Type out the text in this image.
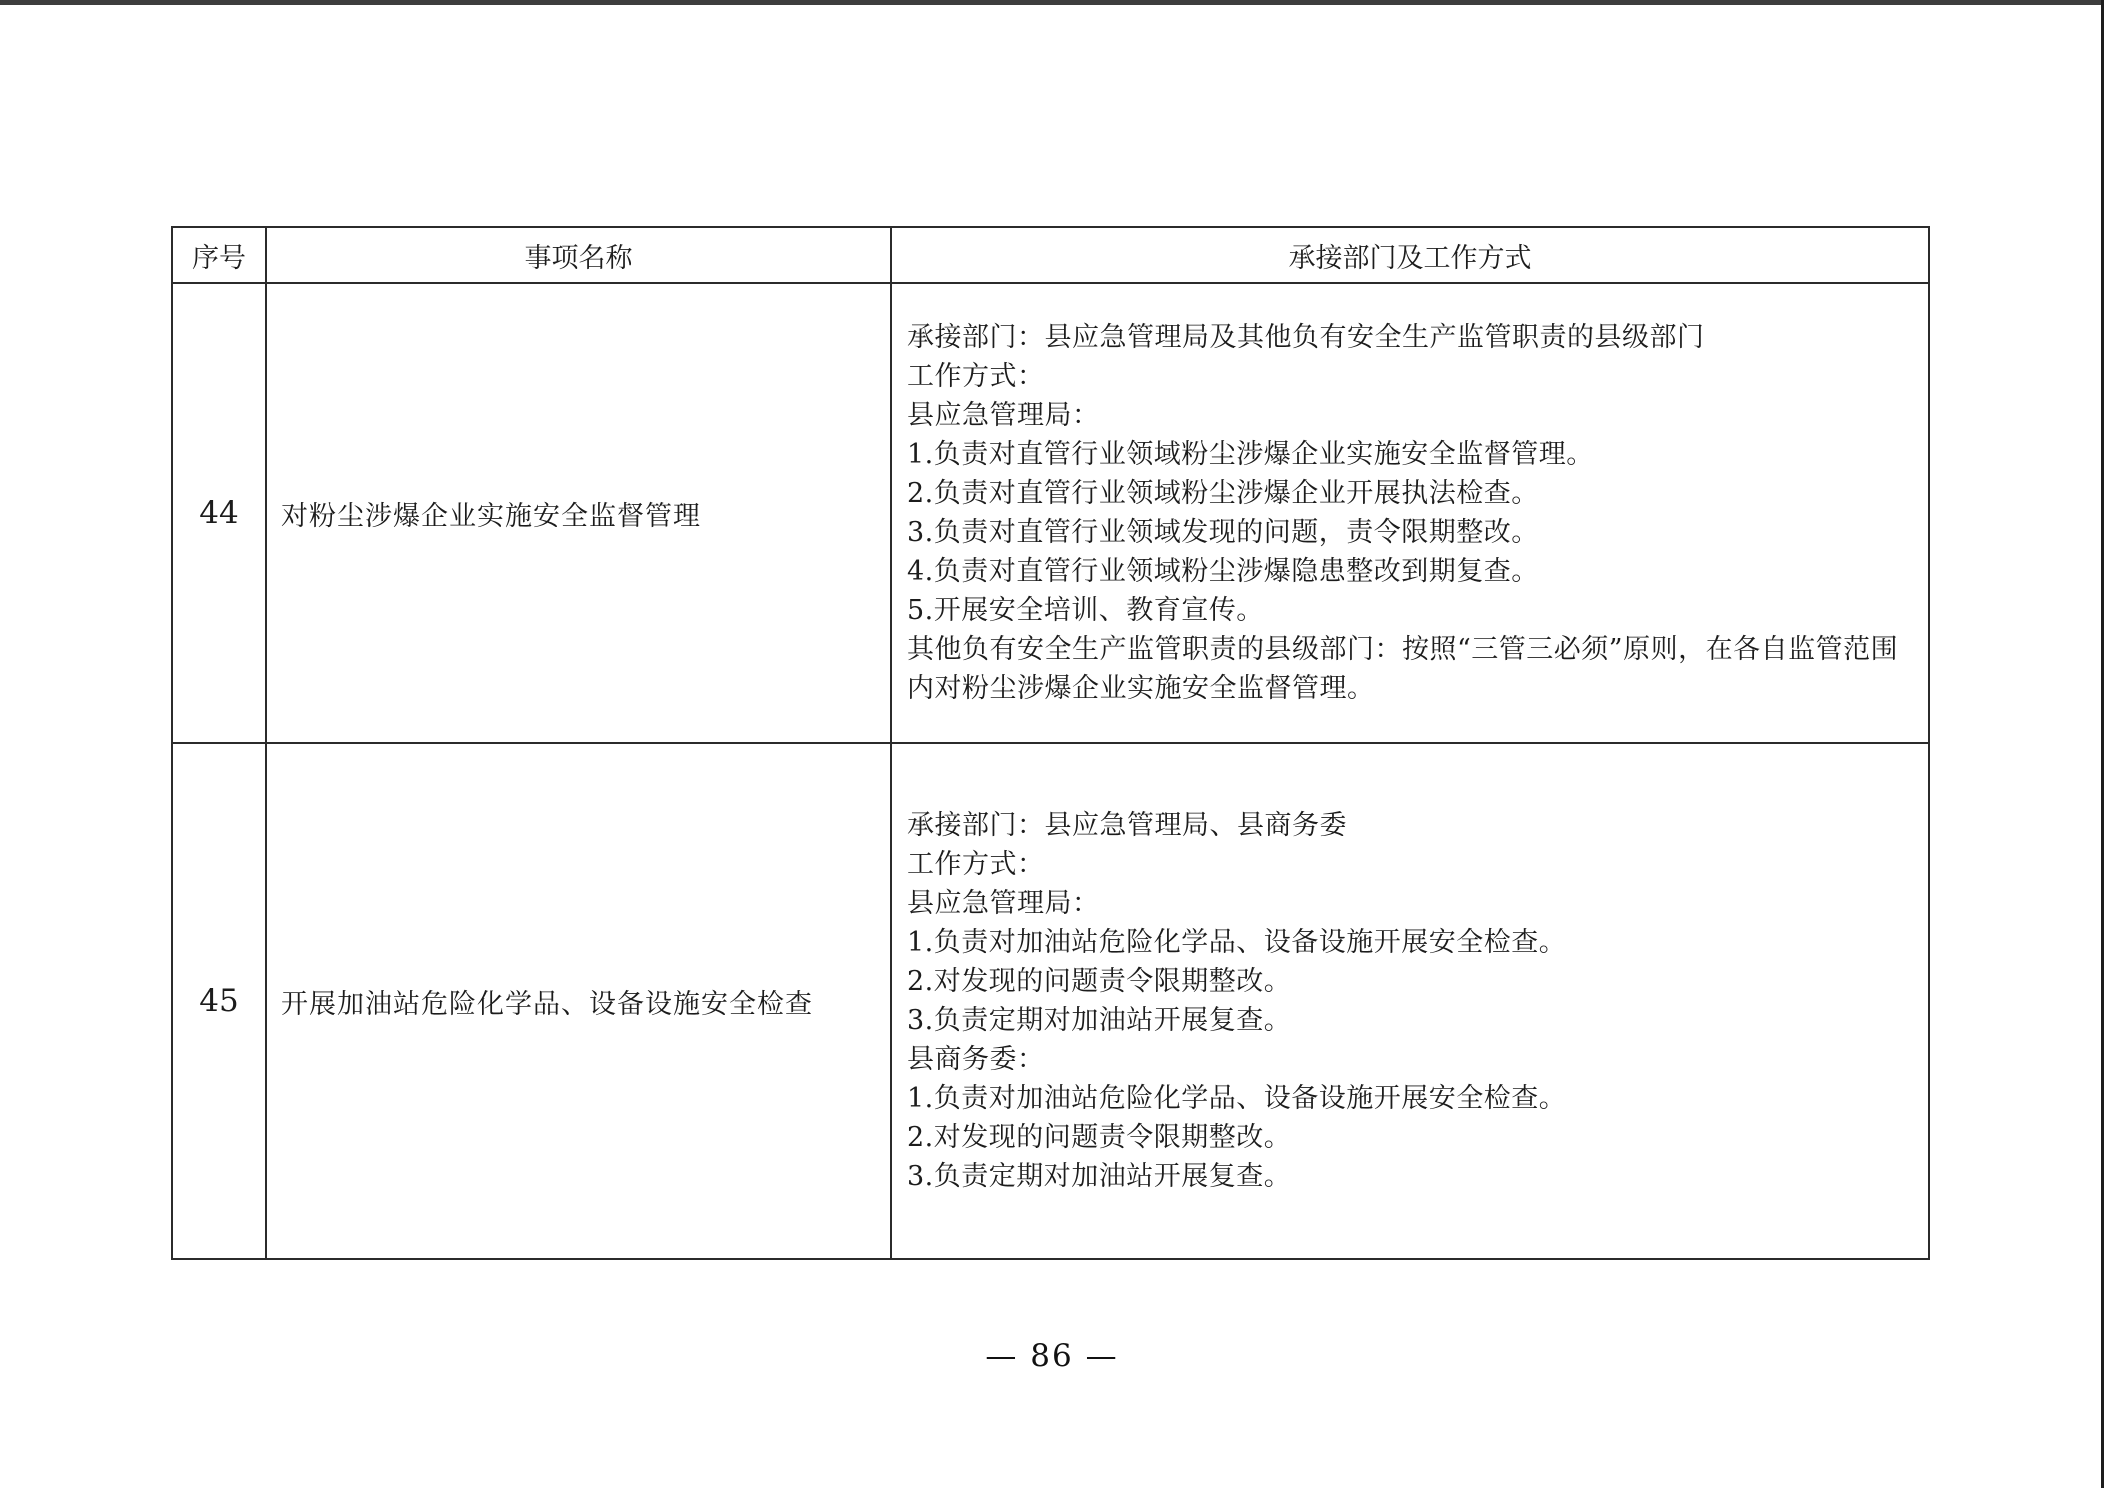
序号	事项名称	承接部门及工作方式
44	对粉尘涉爆企业实施安全监督管理	
承接部门：县应急管理局及其他负有安全生产监管职责的县级部门
工作方式：
县应急管理局：
1.负责对直管行业领域粉尘涉爆企业实施安全监督管理。
2.负责对直管行业领域粉尘涉爆企业开展执法检查。
3.负责对直管行业领域发现的问题，责令限期整改。
4.负责对直管行业领域粉尘涉爆隐患整改到期复查。
5.开展安全培训、教育宣传。
其他负有安全生产监管职责的县级部门：按照“三管三必须”原则，在各自监管范围内对粉尘涉爆企业实施安全监督管理。

45	开展加油站危险化学品、设备设施安全检查	
承接部门：县应急管理局、县商务委
工作方式：
县应急管理局：
1.负责对加油站危险化学品、设备设施开展安全检查。
2.对发现的问题责令限期整改。
3.负责定期对加油站开展复查。
县商务委：
1.负责对加油站危险化学品、设备设施开展安全检查。
2.对发现的问题责令限期整改。
3.负责定期对加油站开展复查。
— 86 —
